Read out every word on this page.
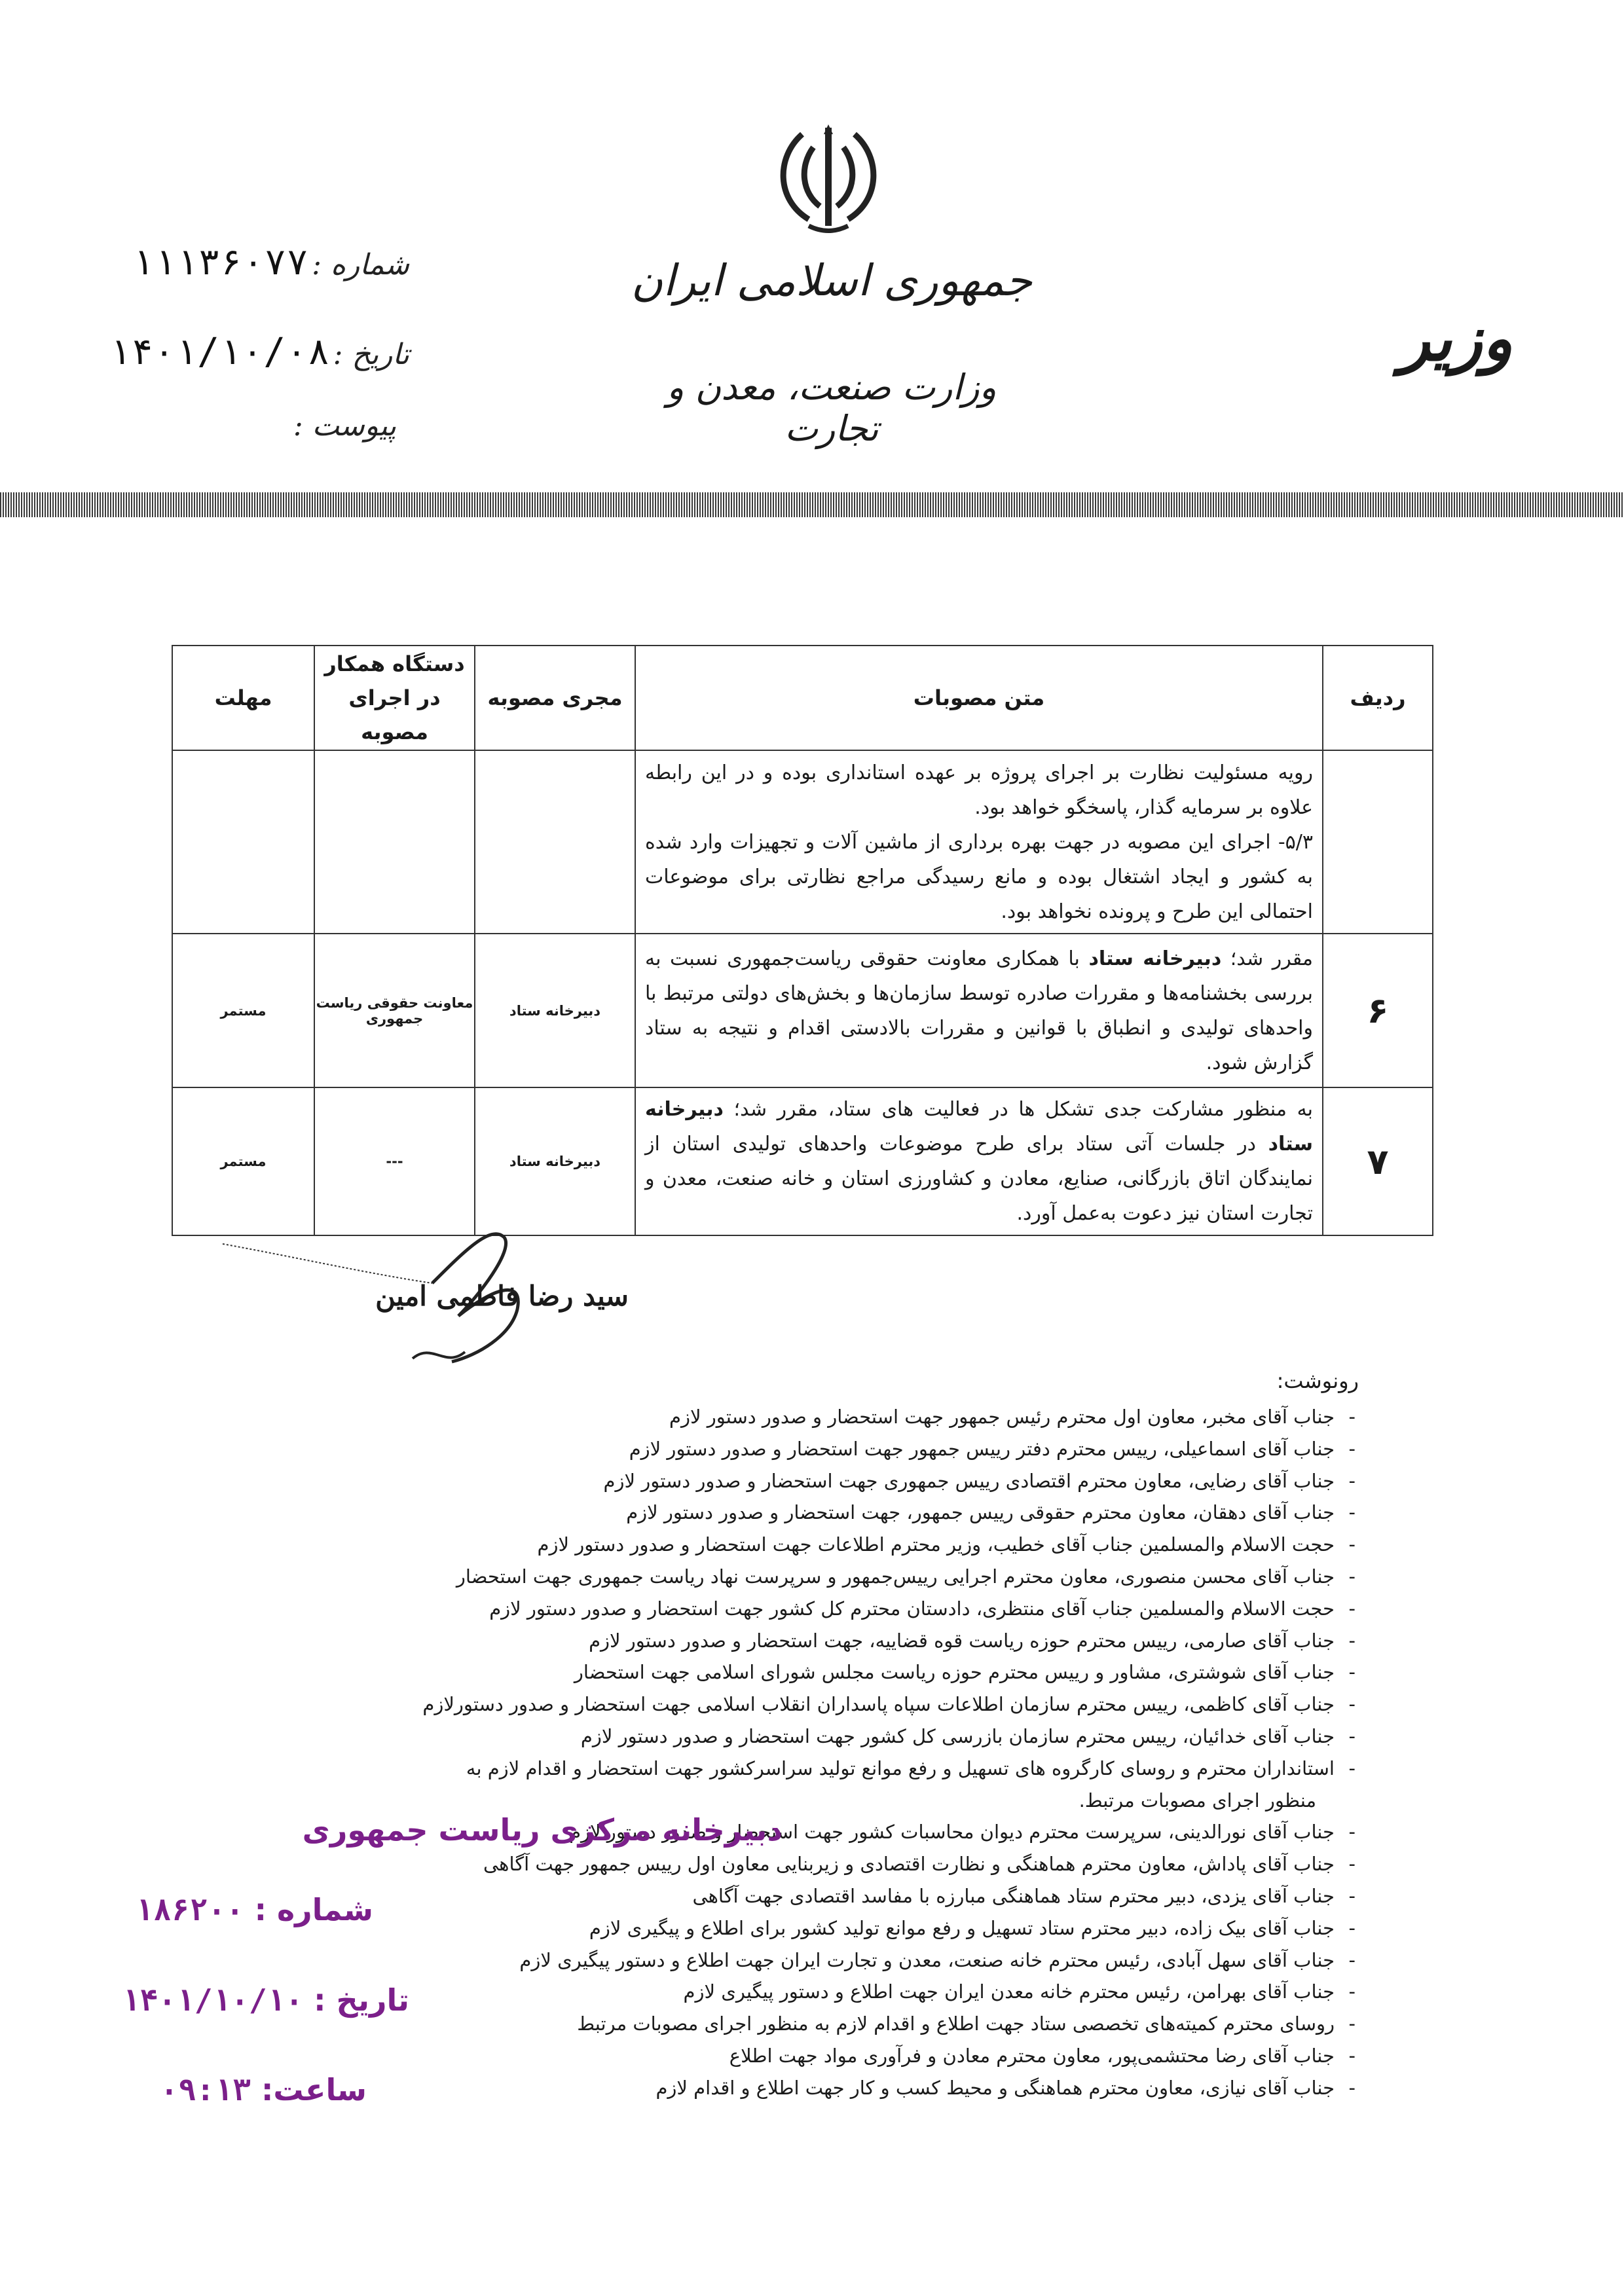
جمهوری اسلامی ایران
وزارت صنعت، معدن و تجارت
وزیر
شماره : ۱۱۱۳۶۰۷۷
تاریخ : ۱۴۰۱/۱۰/۰۸
پیوست :
ردیف	متن مصوبات	مجری مصوبه	دستگاه همکار در اجرای مصوبه	مهلت

	رویه مسئولیت نظارت بر اجرای پروژه بر عهده استانداری بوده و در این رابطه علاوه بر سرمایه گذار، پاسخگو خواهد بود.

۵/۳- اجرای این مصوبه در جهت بهره برداری از ماشین آلات و تجهیزات وارد شده به کشور و ایجاد اشتغال بوده و مانع رسیدگی مراجع نظارتی برای موضوعات احتمالی این طرح و پرونده نخواهد بود.			

۶	مقرر شد؛ دبیرخانه ستاد با همکاری معاونت حقوقی ریاست‌جمهوری نسبت به بررسی بخشنامه‌ها و مقررات صادره توسط سازمان‌ها و بخش‌های دولتی مرتبط با واحدهای تولیدی و انطباق با قوانین و مقررات بالادستی اقدام و نتیجه به ستاد گزارش شود.	دبیرخانه ستاد	معاونت حقوقی ریاست جمهوری	مستمر
۷	به منظور مشارکت جدی تشکل ها در فعالیت های ستاد، مقرر شد؛ دبیرخانه ستاد در جلسات آتی ستاد برای طرح موضوعات واحدهای تولیدی استان از نمایندگان اتاق بازرگانی، صنایع، معادن و کشاورزی استان و خانه صنعت، معدن و تجارت استان نیز دعوت به‌عمل آورد.	دبیرخانه ستاد	---	مستمر
سید رضا فاطمی امین
رونوشت:
-جناب آقای مخبر، معاون اول محترم رئیس جمهور جهت استحضار و صدور دستور لازم
-جناب آقای اسماعیلی، رییس محترم دفتر رییس جمهور جهت استحضار و صدور دستور لازم
-جناب آقای رضایی، معاون محترم اقتصادی رییس جمهوری جهت استحضار و صدور دستور لازم
-جناب آقای دهقان، معاون محترم حقوقی رییس جمهور، جهت استحضار و صدور دستور لازم
-حجت الاسلام والمسلمین جناب آقای خطیب، وزیر محترم اطلاعات جهت استحضار و صدور دستور لازم
-جناب آقای محسن منصوری، معاون محترم اجرایی رییس‌جمهور و سرپرست نهاد ریاست جمهوری جهت استحضار
-حجت الاسلام والمسلمین جناب آقای منتظری، دادستان محترم کل کشور جهت استحضار و صدور دستور لازم
-جناب آقای صارمی، رییس محترم حوزه ریاست قوه قضاییه، جهت استحضار و صدور دستور لازم
-جناب آقای شوشتری، مشاور و رییس محترم حوزه ریاست مجلس شورای اسلامی جهت استحضار
-جناب آقای کاظمی، رییس محترم سازمان اطلاعات سپاه پاسداران انقلاب اسلامی جهت استحضار و صدور دستورلازم
-جناب آقای خدائیان، رییس محترم سازمان بازرسی کل کشور جهت استحضار و صدور دستور لازم
-استانداران محترم و روسای کارگروه های تسهیل و رفع موانع تولید سراسرکشور جهت استحضار و اقدام لازم به
منظور اجرای مصوبات مرتبط.
-جناب آقای نورالدینی، سرپرست محترم دیوان محاسبات کشور جهت استحضار و صدور دستور لازم
-جناب آقای پاداش، معاون محترم هماهنگی و نظارت اقتصادی و زیربنایی معاون اول رییس جمهور جهت آگاهی
-جناب آقای یزدی، دبیر محترم ستاد هماهنگی مبارزه با مفاسد اقتصادی جهت آگاهی
-جناب آقای بیک زاده، دبیر محترم ستاد تسهیل و رفع موانع تولید کشور برای اطلاع و پیگیری لازم
-جناب آقای سهل آبادی، رئیس محترم خانه صنعت، معدن و تجارت ایران جهت اطلاع و دستور پیگیری لازم
-جناب آقای بهرامن، رئیس محترم خانه معدن ایران جهت اطلاع و دستور پیگیری لازم
-روسای محترم کمیته‌های تخصصی ستاد جهت اطلاع و اقدام لازم به منظور اجرای مصوبات مرتبط
-جناب آقای رضا محتشمی‌پور، معاون محترم معادن و فرآوری مواد جهت اطلاع
-جناب آقای نیازی، معاون محترم هماهنگی و محیط کسب و کار جهت اطلاع و اقدام لازم
دبیرخانه مرکزی ریاست جمهوری
شماره : ۱۸۶۲۰۰
تاریخ : ۱۴۰۱/۱۰/۱۰
ساعت: ۰۹:۱۳
